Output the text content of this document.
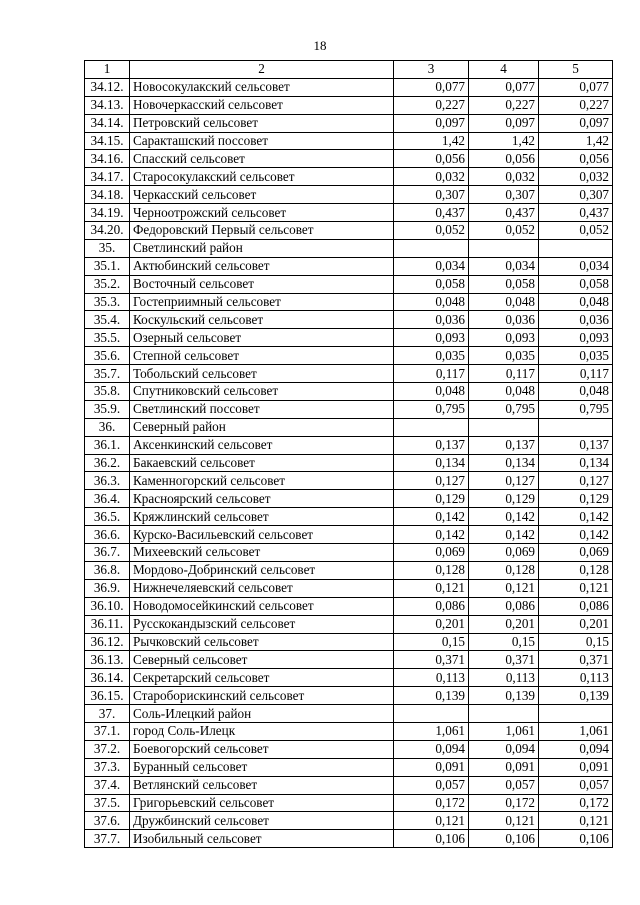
18
1	2	3	4	5
34.12.	Новосокулакский сельсовет	0,077	0,077	0,077
34.13.	Новочеркасский сельсовет	0,227	0,227	0,227
34.14.	Петровский сельсовет	0,097	0,097	0,097
34.15.	Саракташский поссовет	1,42	1,42	1,42
34.16.	Спасский сельсовет	0,056	0,056	0,056
34.17.	Старосокулакский сельсовет	0,032	0,032	0,032
34.18.	Черкасский сельсовет	0,307	0,307	0,307
34.19.	Черноотрожский сельсовет	0,437	0,437	0,437
34.20.	Федоровский Первый сельсовет	0,052	0,052	0,052
35.	Светлинский район			
35.1.	Актюбинский сельсовет	0,034	0,034	0,034
35.2.	Восточный сельсовет	0,058	0,058	0,058
35.3.	Гостеприимный сельсовет	0,048	0,048	0,048
35.4.	Коскульский сельсовет	0,036	0,036	0,036
35.5.	Озерный сельсовет	0,093	0,093	0,093
35.6.	Степной сельсовет	0,035	0,035	0,035
35.7.	Тобольский сельсовет	0,117	0,117	0,117
35.8.	Спутниковский сельсовет	0,048	0,048	0,048
35.9.	Светлинский поссовет	0,795	0,795	0,795
36.	Северный район			
36.1.	Аксенкинский сельсовет	0,137	0,137	0,137
36.2.	Бакаевский сельсовет	0,134	0,134	0,134
36.3.	Каменногорский сельсовет	0,127	0,127	0,127
36.4.	Красноярский сельсовет	0,129	0,129	0,129
36.5.	Кряжлинский сельсовет	0,142	0,142	0,142
36.6.	Курско-Васильевский сельсовет	0,142	0,142	0,142
36.7.	Михеевский сельсовет	0,069	0,069	0,069
36.8.	Мордово-Добринский сельсовет	0,128	0,128	0,128
36.9.	Нижнечеляевский сельсовет	0,121	0,121	0,121
36.10.	Новодомосейкинский сельсовет	0,086	0,086	0,086
36.11.	Русскокандызский сельсовет	0,201	0,201	0,201
36.12.	Рычковский сельсовет	0,15	0,15	0,15
36.13.	Северный сельсовет	0,371	0,371	0,371
36.14.	Секретарский сельсовет	0,113	0,113	0,113
36.15.	Староборискинский сельсовет	0,139	0,139	0,139
37.	Соль-Илецкий район			
37.1.	город Соль-Илецк	1,061	1,061	1,061
37.2.	Боевогорский сельсовет	0,094	0,094	0,094
37.3.	Буранный сельсовет	0,091	0,091	0,091
37.4.	Ветлянский сельсовет	0,057	0,057	0,057
37.5.	Григорьевский сельсовет	0,172	0,172	0,172
37.6.	Дружбинский сельсовет	0,121	0,121	0,121
37.7.	Изобильный сельсовет	0,106	0,106	0,106
